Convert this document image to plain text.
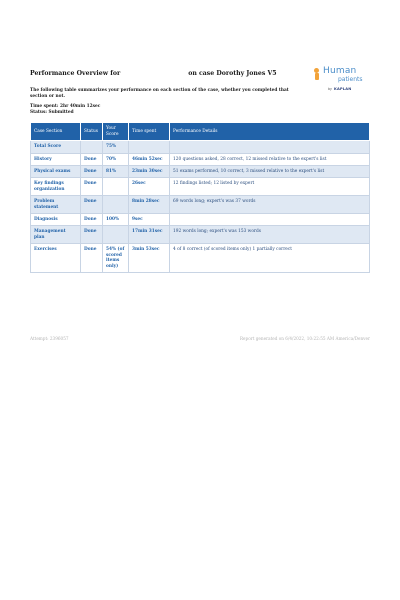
Performance Overview for	on case Dorothy Jones V5	Human
patients
by KAPLAN
The following table summarizes your performance on each section of the case, whether you completed that section or not.
Time spent: 2hr 40min 12sec
Status: Submitted
Case Section	Status	Your Score	Time spent	Performance Details
Total Score		75%		
History	Done	70%	46min 52sec	120 questions asked, 28 correct, 12 missed relative to the expert's list
Physical exams	Done	81%	23min 30sec	51 exams performed, 10 correct, 3 missed relative to the expert's list
Key findings organization	Done		26sec	12 findings listed; 12 listed by expert
Problem statement	Done		8min 28sec	69 words long; expert's was 37 words
Diagnosis	Done	100%	9sec	
Management plan	Done		17min 31sec	192 words long; expert's was 153 words
Exercises	Done	54% (of scored items only)	3min 53sec	4 of 8 correct (of scored items only) 1 partially correct
Attempt: 2396057	Report generated on 6/4/2022, 10:22:55 AM America/Denver
